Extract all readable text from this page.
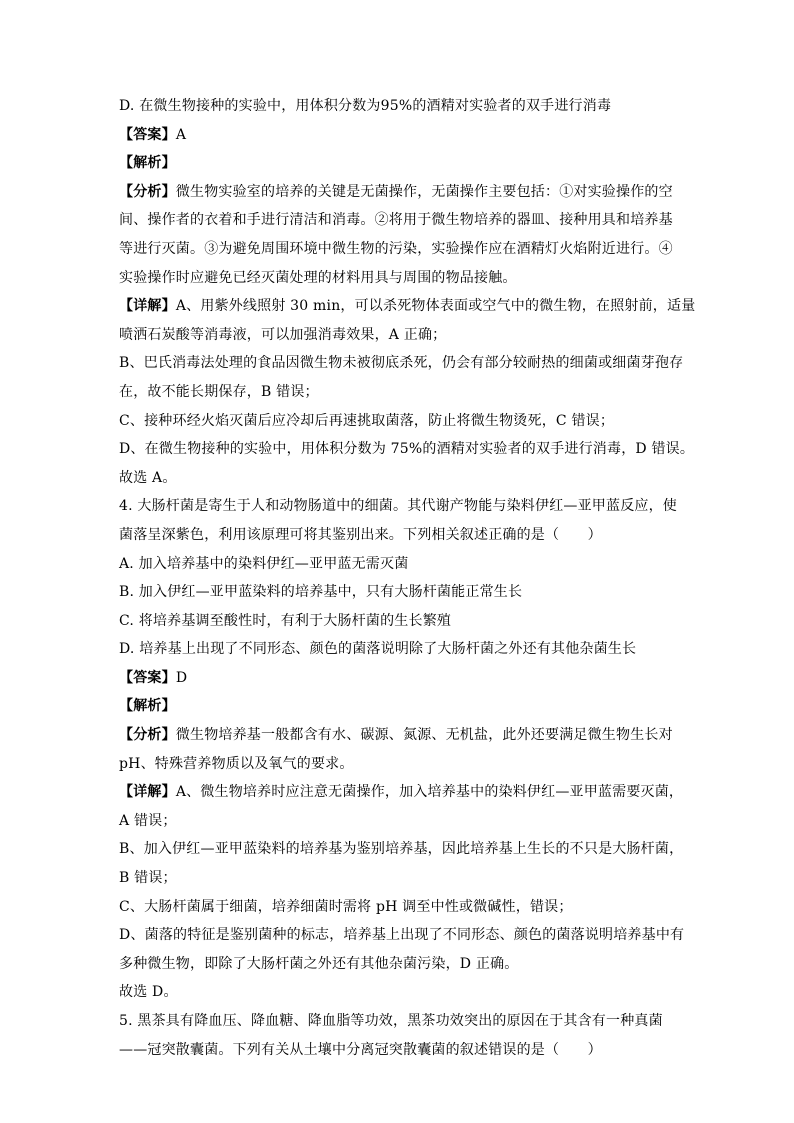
D. 在微生物接种的实验中，用体积分数为95%的酒精对实验者的双手进行消毒
【答案】A
【解析】
【分析】微生物实验室的培养的关键是无菌操作，无菌操作主要包括：①对实验操作的空
间、操作者的衣着和手进行清洁和消毒。②将用于微生物培养的器皿、接种用具和培养基
等进行灭菌。③为避免周围环境中微生物的污染，实验操作应在酒精灯火焰附近进行。④
实验操作时应避免已经灭菌处理的材料用具与周围的物品接触。
【详解】A、用紫外线照射 30 min，可以杀死物体表面或空气中的微生物，在照射前，适量
喷洒石炭酸等消毒液，可以加强消毒效果，A 正确；
B、巴氏消毒法处理的食品因微生物未被彻底杀死，仍会有部分较耐热的细菌或细菌芽孢存
在，故不能长期保存，B 错误；
C、接种环经火焰灭菌后应冷却后再速挑取菌落，防止将微生物烫死，C 错误；
D、在微生物接种的实验中，用体积分数为 75%的酒精对实验者的双手进行消毒，D 错误。
故选 A。
4. 大肠杆菌是寄生于人和动物肠道中的细菌。其代谢产物能与染料伊红—亚甲蓝反应，使
菌落呈深紫色，利用该原理可将其鉴别出来。下列相关叙述正确的是（　　）
A. 加入培养基中的染料伊红—亚甲蓝无需灭菌
B. 加入伊红—亚甲蓝染料的培养基中，只有大肠杆菌能正常生长
C. 将培养基调至酸性时，有利于大肠杆菌的生长繁殖
D. 培养基上出现了不同形态、颜色的菌落说明除了大肠杆菌之外还有其他杂菌生长
【答案】D
【解析】
【分析】微生物培养基一般都含有水、碳源、氮源、无机盐，此外还要满足微生物生长对
pH、特殊营养物质以及氧气的要求。
【详解】A、微生物培养时应注意无菌操作，加入培养基中的染料伊红—亚甲蓝需要灭菌，
A 错误；
B、加入伊红—亚甲蓝染料的培养基为鉴别培养基，因此培养基上生长的不只是大肠杆菌，
B 错误；
C、大肠杆菌属于细菌，培养细菌时需将 pH 调至中性或微碱性，错误；
D、菌落的特征是鉴别菌种的标志，培养基上出现了不同形态、颜色的菌落说明培养基中有
多种微生物，即除了大肠杆菌之外还有其他杂菌污染，D 正确。
故选 D。
5. 黑茶具有降血压、降血糖、降血脂等功效，黑茶功效突出的原因在于其含有一种真菌
——冠突散囊菌。下列有关从土壤中分离冠突散囊菌的叙述错误的是（　　）
